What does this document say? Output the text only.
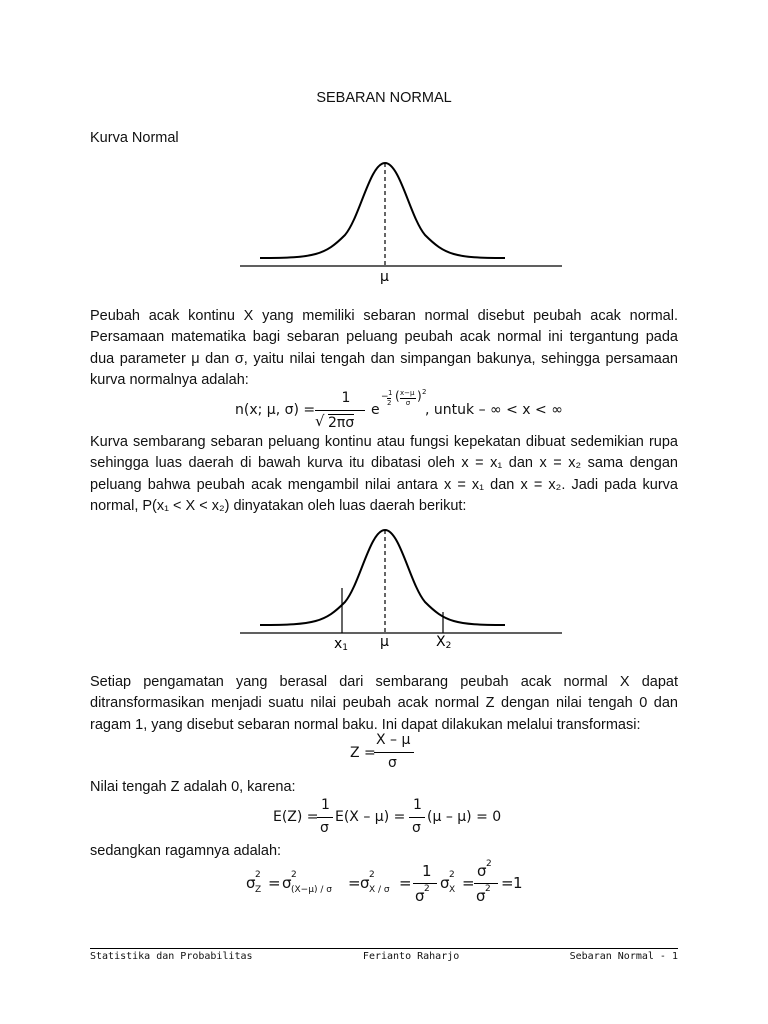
SEBARAN NORMAL
Kurva Normal
μ

Peubah acak kontinu X yang memiliki sebaran normal disebut peubah acak normal. Persamaan matematika bagi sebaran peluang peubah acak normal ini tergantung pada dua parameter μ dan σ, yaitu nilai tengah dan simpangan bakunya, sehingga persamaan kurva normalnya adalah:

n(x; μ, σ) =
1
√ 2πσ
e
− 1
2 ( x−μ
σ ) 2
, untuk – ∞ < x < ∞

Kurva sembarang sebaran peluang kontinu atau fungsi kepekatan dibuat sedemikian rupa sehingga luas daerah di bawah kurva itu dibatasi oleh x = x₁ dan x = x₂ sama dengan peluang bahwa peubah acak mengambil nilai antara x = x₁ dan x = x₂. Jadi pada kurva normal, P(x₁ < X < x₂) dinyatakan oleh luas daerah berikut:

x1 μ	X2

Setiap pengamatan yang berasal dari sembarang peubah acak normal X dapat ditransformasikan menjadi suatu nilai peubah acak normal Z dengan nilai tengah 0 dan ragam 1, yang disebut sebaran normal baku. Ini dapat dilakukan melalui transformasi:

Z =
X – μ
σ

Nilai tengah Z adalah 0, karena:

E(Z) =
1
σ
E(X – μ) =
1
σ
(μ – μ) = 0

sedangkan ragamnya adalah:

σ 2
Z = σ 2
(X−μ) / σ = σ 2
X / σ =
1
σ 2 σ 2
X =
σ 2
σ 2 = 1
Statistika dan Probabilitas	Ferianto Raharjo	Sebaran Normal - 1
